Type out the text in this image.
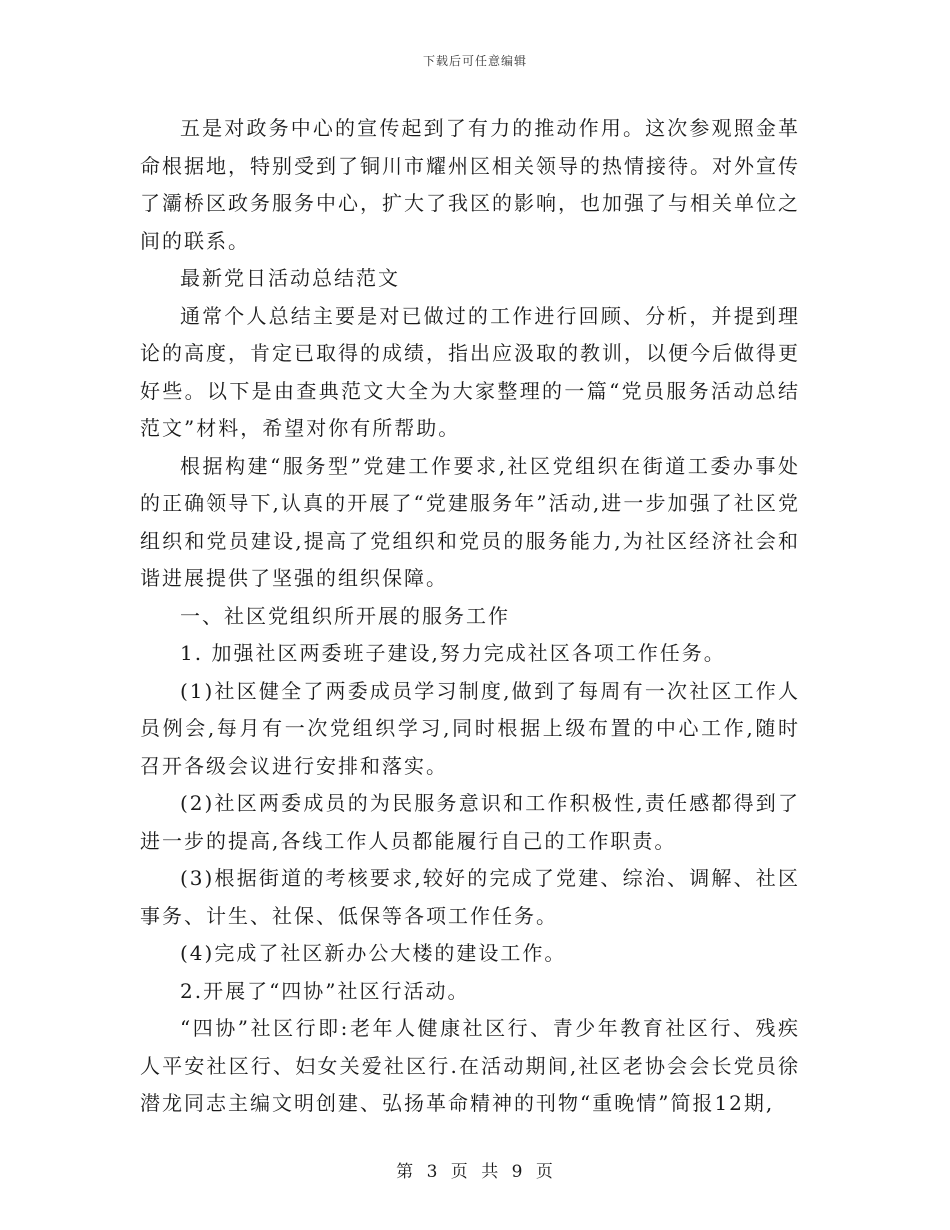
下载后可任意编辑

五是对政务中心的宣传起到了有力的推动作用。这次参观照金革命根据地，特别受到了铜川市耀州区相关领导的热情接待。对外宣传了灞桥区政务服务中心，扩大了我区的影响，也加强了与相关单位之间的联系。

最新党日活动总结范文

通常个人总结主要是对已做过的工作进行回顾、分析，并提到理论的高度，肯定已取得的成绩，指出应汲取的教训，以便今后做得更好些。以下是由查典范文大全为大家整理的一篇“党员服务活动总结范文”材料，希望对你有所帮助。

根据构建“服务型”党建工作要求,社区党组织在街道工委办事处的正确领导下,认真的开展了“党建服务年”活动,进一步加强了社区党组织和党员建设,提高了党组织和党员的服务能力,为社区经济社会和谐进展提供了坚强的组织保障。

一、社区党组织所开展的服务工作

1. 加强社区两委班子建设,努力完成社区各项工作任务。

(1)社区健全了两委成员学习制度,做到了每周有一次社区工作人员例会,每月有一次党组织学习,同时根据上级布置的中心工作,随时召开各级会议进行安排和落实。

(2)社区两委成员的为民服务意识和工作积极性,责任感都得到了进一步的提高,各线工作人员都能履行自己的工作职责。

(3)根据街道的考核要求,较好的完成了党建、综治、调解、社区事务、计生、社保、低保等各项工作任务。

(4)完成了社区新办公大楼的建设工作。

2.开展了“四协”社区行活动。

“四协”社区行即:老年人健康社区行、青少年教育社区行、残疾人平安社区行、妇女关爱社区行.在活动期间,社区老协会会长党员徐潜龙同志主编文明创建、弘扬革命精神的刊物“重晚情”简报12期,

第 3 页 共 9 页
